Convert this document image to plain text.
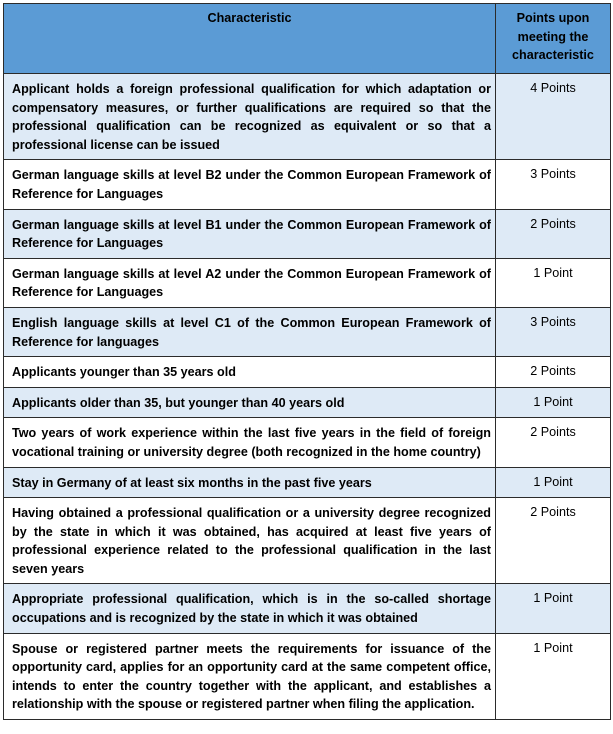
Characteristic	Points upon meeting the characteristic
Applicant holds a foreign professional qualification for which adaptation or compensatory measures, or further qualifications are required so that the professional qualification can be recognized as equivalent or so that a professional license can be issued	4 Points
German language skills at level B2 under the Common European Framework of Reference for Languages	3 Points
German language skills at level B1 under the Common European Framework of Reference for Languages	2 Points
German language skills at level A2 under the Common European Framework of Reference for Languages	1 Point
English language skills at level C1 of the Common European Framework of Reference for languages	3 Points
Applicants younger than 35 years old	2 Points
Applicants older than 35, but younger than 40 years old	1 Point
Two years of work experience within the last five years in the field of foreign vocational training or university degree (both recognized in the home country)	2 Points
Stay in Germany of at least six months in the past five years	1 Point
Having obtained a professional qualification or a university degree recognized by the state in which it was obtained, has acquired at least five years of professional experience related to the professional qualification in the last seven years	2 Points
Appropriate professional qualification, which is in the so-called shortage occupations and is recognized by the state in which it was obtained	1 Point
Spouse or registered partner meets the requirements for issuance of the opportunity card, applies for an opportunity card at the same competent office, intends to enter the country together with the applicant, and establishes a relationship with the spouse or registered partner when filing the application.	1 Point
